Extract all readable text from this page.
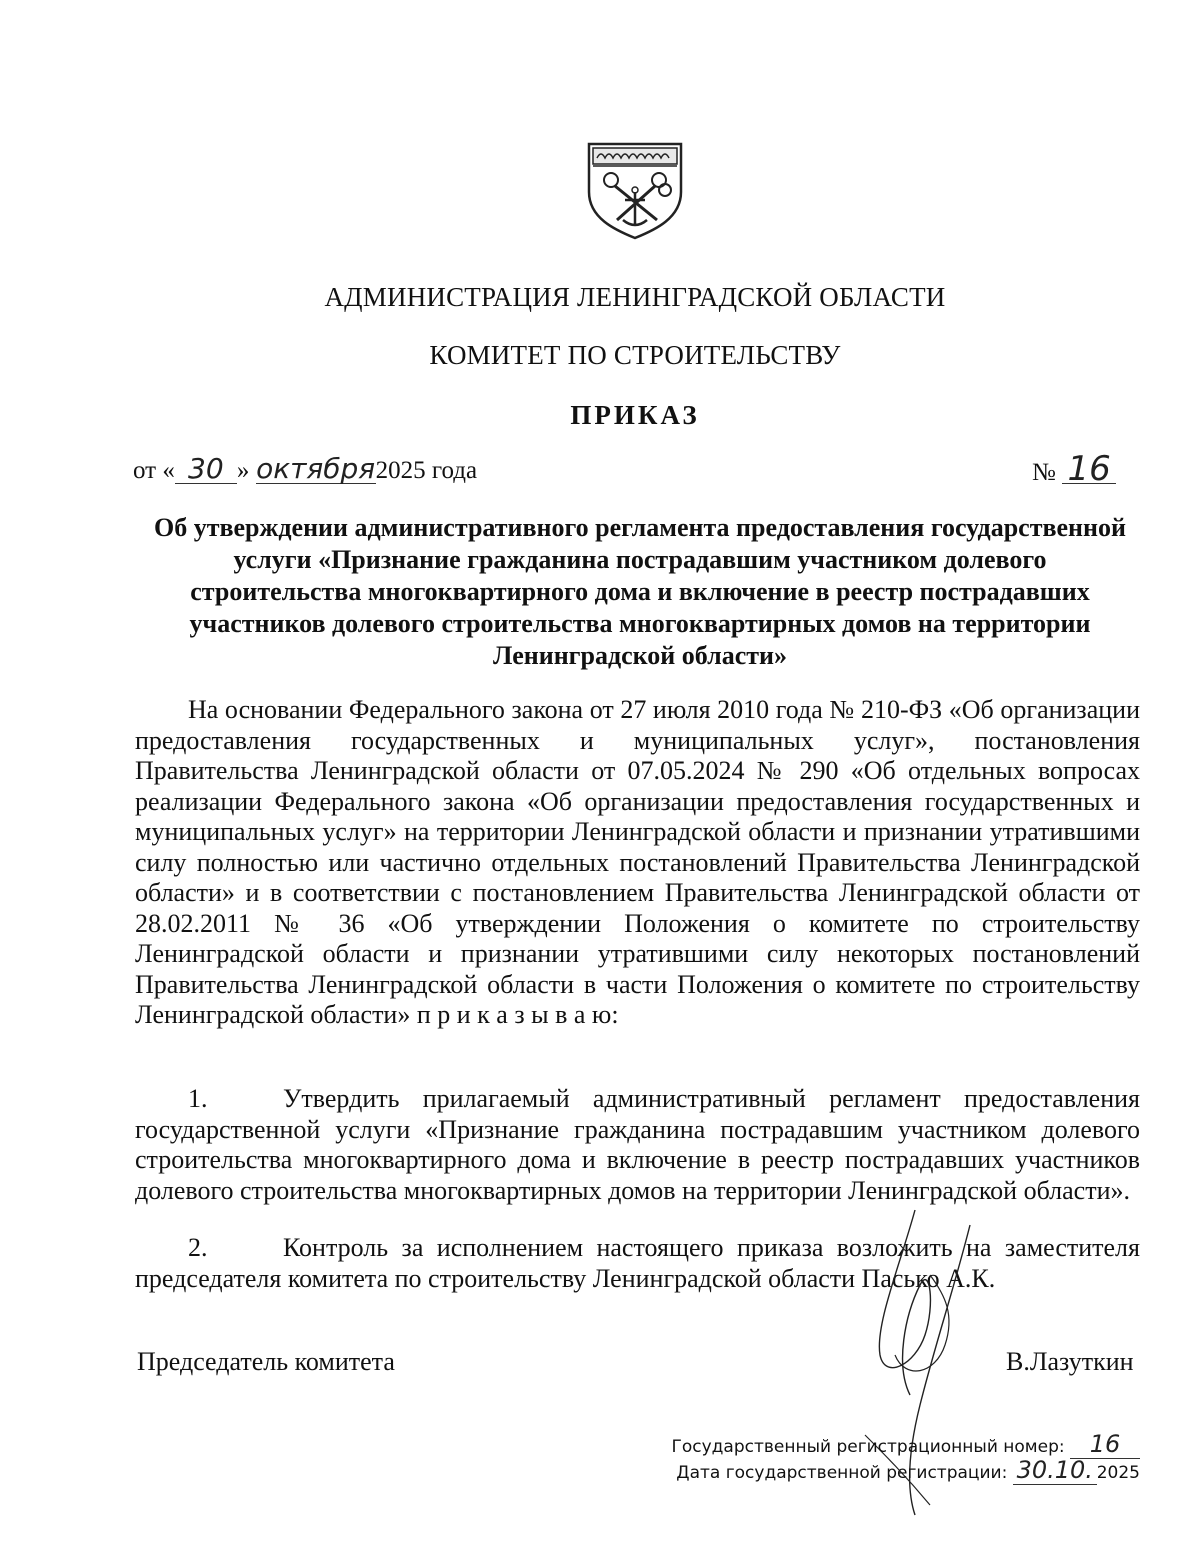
АДМИНИСТРАЦИЯ ЛЕНИНГРАДСКОЙ ОБЛАСТИ
КОМИТЕТ ПО СТРОИТЕЛЬСТВУ
ПРИКАЗ
от « 30 » октября2025 года	№ 16
Об утверждении административного регламента предоставления государственной услуги «Признание гражданина пострадавшим участником долевого строительства многоквартирного дома и включение в реестр пострадавших участников долевого строительства многоквартирных домов на территории Ленинградской области»

На основании Федерального закона от 27 июля 2010 года № 210-ФЗ «Об организации предоставления государственных и муниципальных услуг», постановления Правительства Ленинградской области от 07.05.2024 № 290 «Об отдельных вопросах реализации Федерального закона «Об организации предоставления государственных и муниципальных услуг» на территории Ленинградской области и признании утратившими силу полностью или частично отдельных постановлений Правительства Ленинградской области» и в соответствии с постановлением Правительства Ленинградской области от 28.02.2011 № 36 «Об утверждении Положения о комитете по строительству Ленинградской области и признании утратившими силу некоторых постановлений Правительства Ленинградской области в части Положения о комитете по строительству Ленинградской области» п р и к а з ы в а ю:

1.	Утвердить прилагаемый административный регламент предоставления государственной услуги «Признание гражданина пострадавшим участником долевого строительства многоквартирного дома и включение в реестр пострадавших участников долевого строительства многоквартирных домов на территории Ленинградской области».

2.	Контроль за исполнением настоящего приказа возложить на заместителя председателя комитета по строительству Ленинградской области Пасько А.К.

Председатель комитета	В.Лазуткин
Государственный регистрационный номер: 16
Дата государственной регистрации: 30.10. 2025
